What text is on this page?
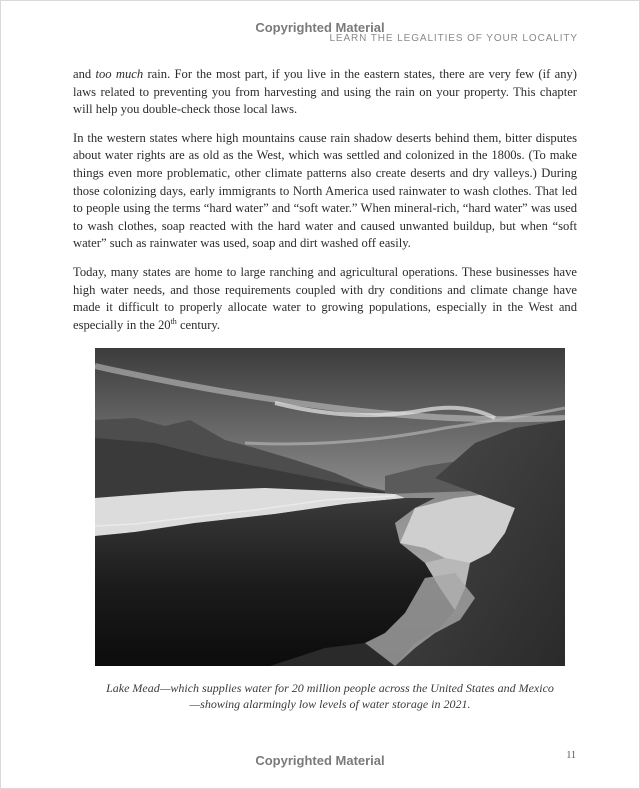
Copyrighted Material
LEARN THE LEGALITIES OF YOUR LOCALITY

and too much rain. For the most part, if you live in the eastern states, there are very few (if any) laws related to preventing you from harvesting and using the rain on your property. This chapter will help you double-check those local laws.

In the western states where high mountains cause rain shadow deserts behind them, bitter disputes about water rights are as old as the West, which was settled and colonized in the 1800s. (To make things even more problematic, other climate patterns also create deserts and dry valleys.) During those colonizing days, early immigrants to North America used rainwater to wash clothes. That led to people using the terms “hard water” and “soft water.” When mineral-rich, “hard water” was used to wash clothes, soap reacted with the hard water and caused unwanted buildup, but when “soft water” such as rainwater was used, soap and dirt washed off easily.

Today, many states are home to large ranching and agricultural operations. These businesses have high water needs, and those requirements coupled with dry conditions and climate change have made it difficult to properly allocate water to growing populations, especially in the West and especially in the 20th century.

Lake Mead—which supplies water for 20 million people across the United States and Mexico
—showing alarmingly low levels of water storage in 2021.
Copyrighted Material	11
